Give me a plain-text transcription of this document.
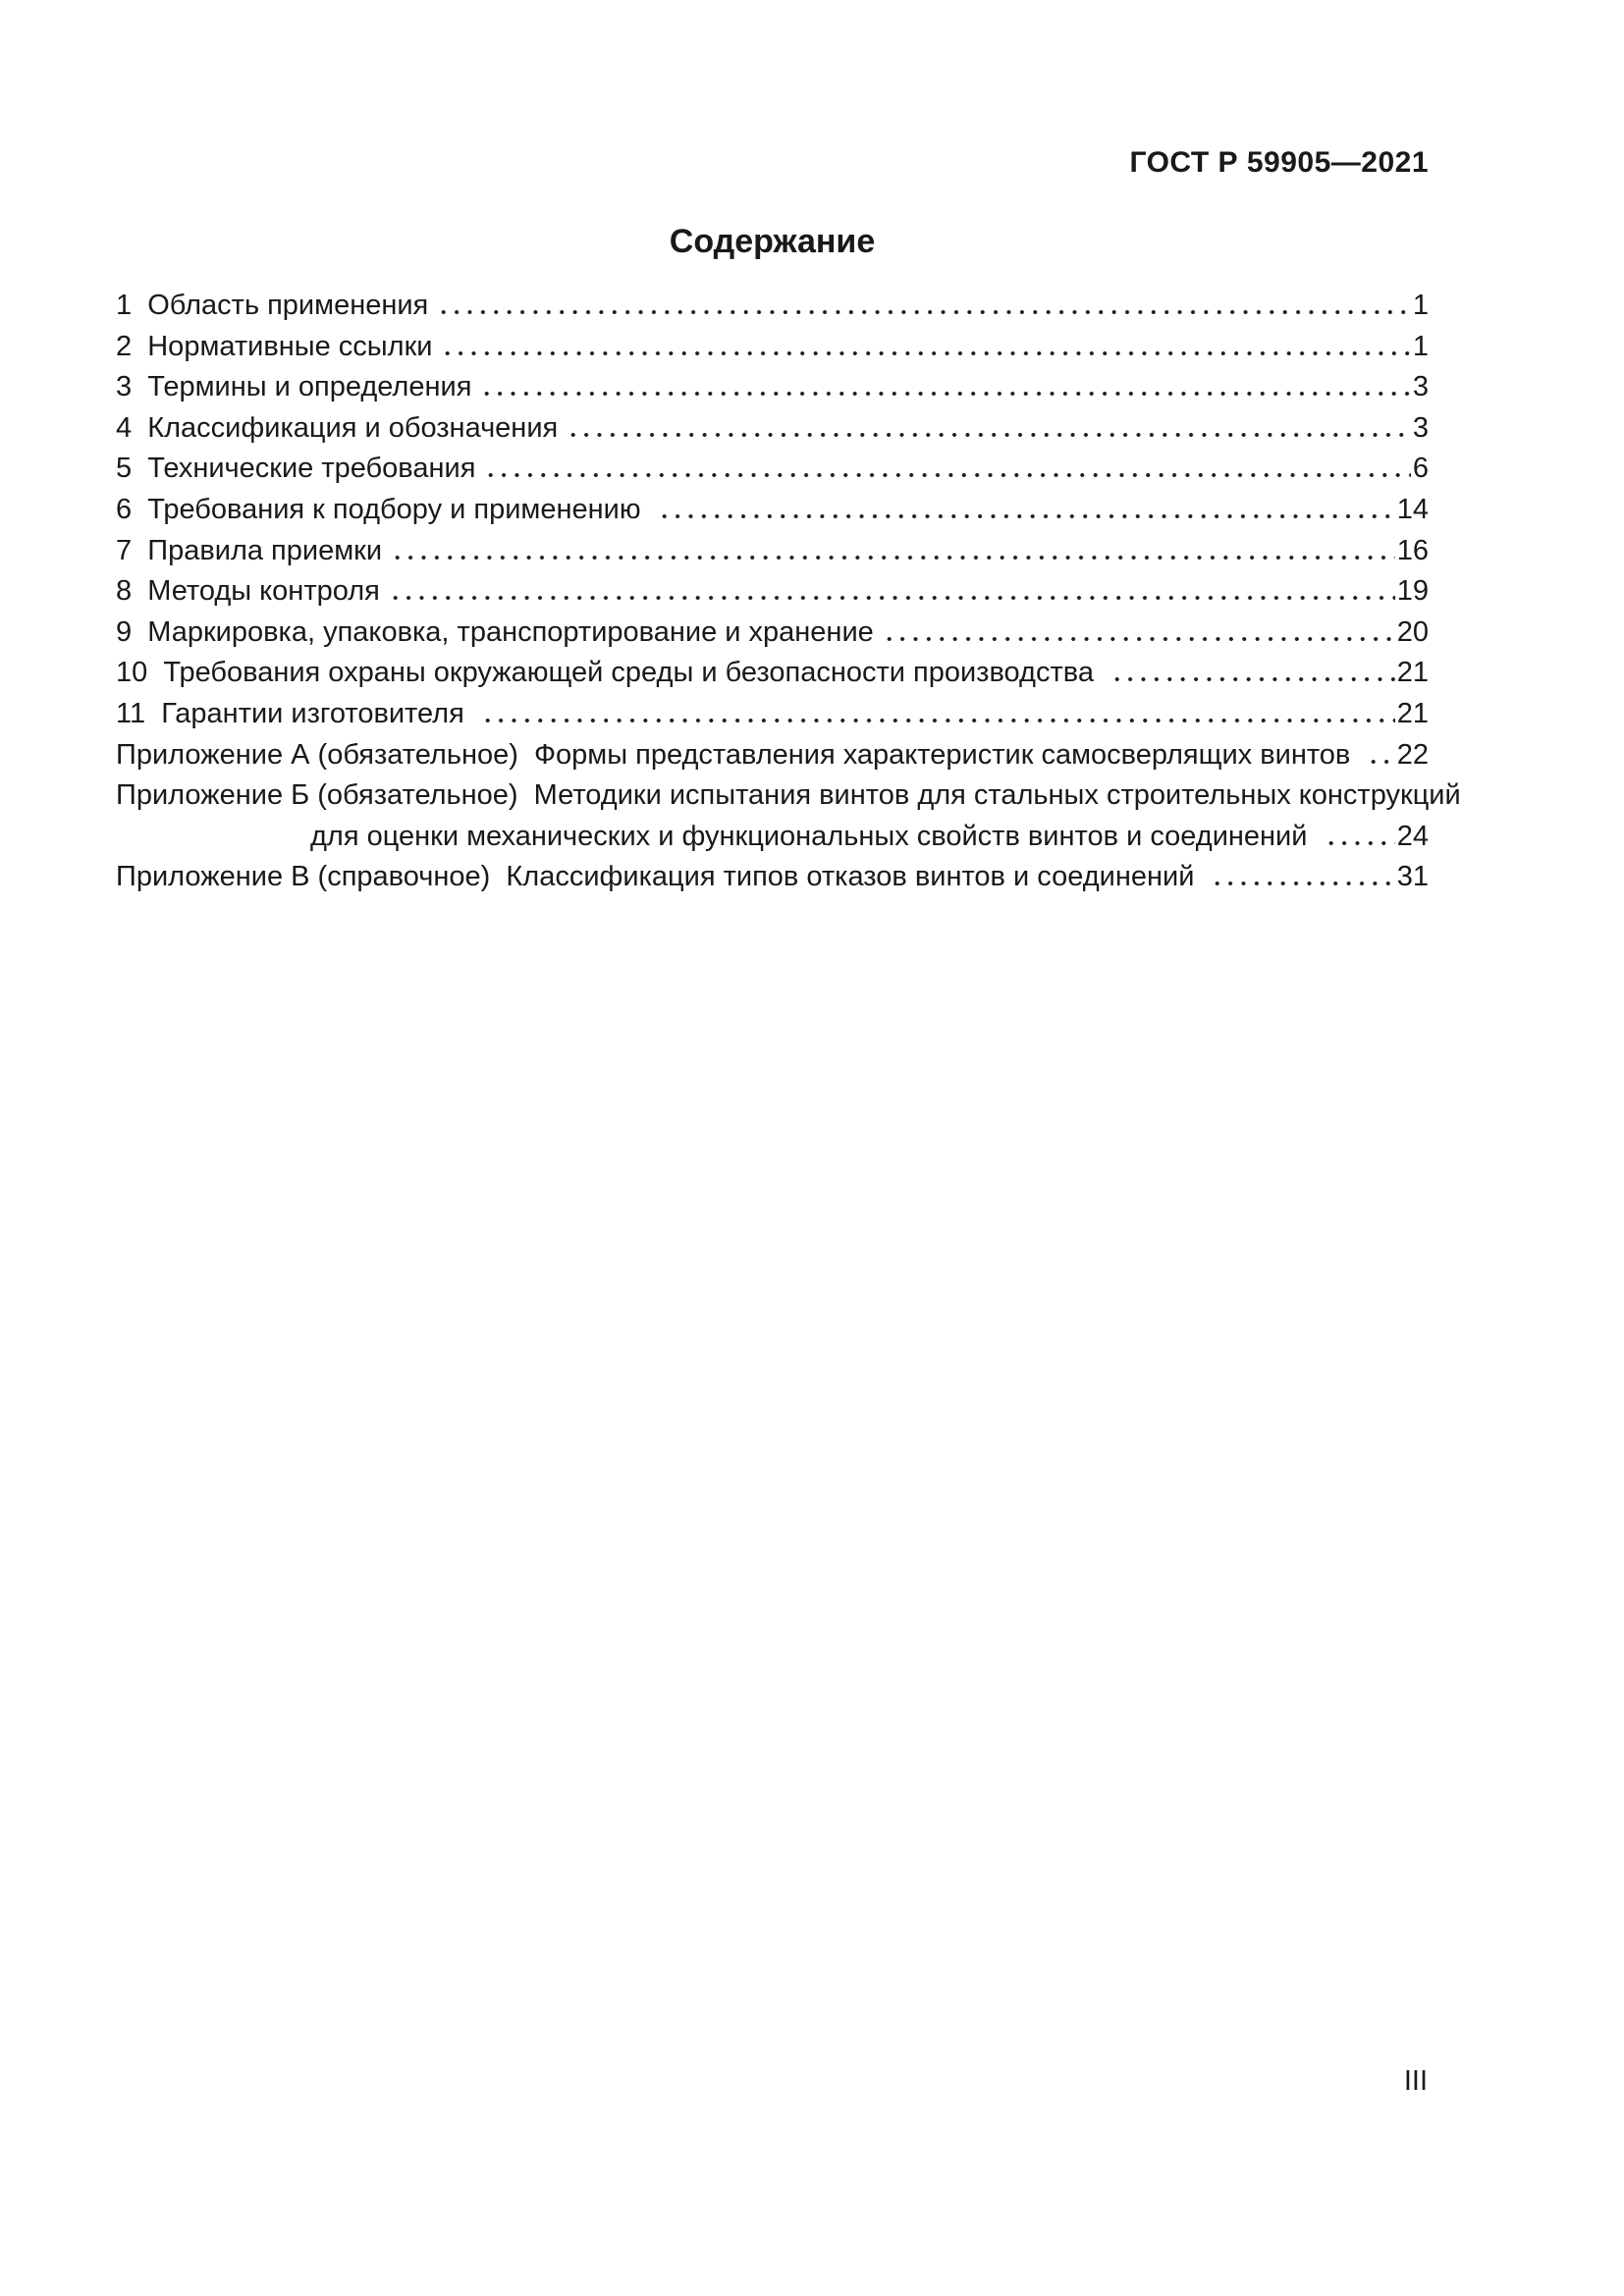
ГОСТ Р 59905—2021
Содержание
1  Область применения	1
2  Нормативные ссылки	1
3  Термины и определения	3
4  Классификация и обозначения	3
5  Технические требования	6
6  Требования к подбору и применению	14
7  Правила приемки	16
8  Методы контроля	19
9  Маркировка, упаковка, транспортирование и хранение	20
10  Требования охраны окружающей среды и безопасности производства	21
11  Гарантии изготовителя	21
Приложение А (обязательное)  Формы представления характеристик самосверлящих винтов 22
Приложение Б (обязательное)  Методики испытания винтов для стальных строительных конструкций
для оценки механических и функциональных свойств винтов и соединений	24
Приложение В (справочное)  Классификация типов отказов винтов и соединений	31
III
